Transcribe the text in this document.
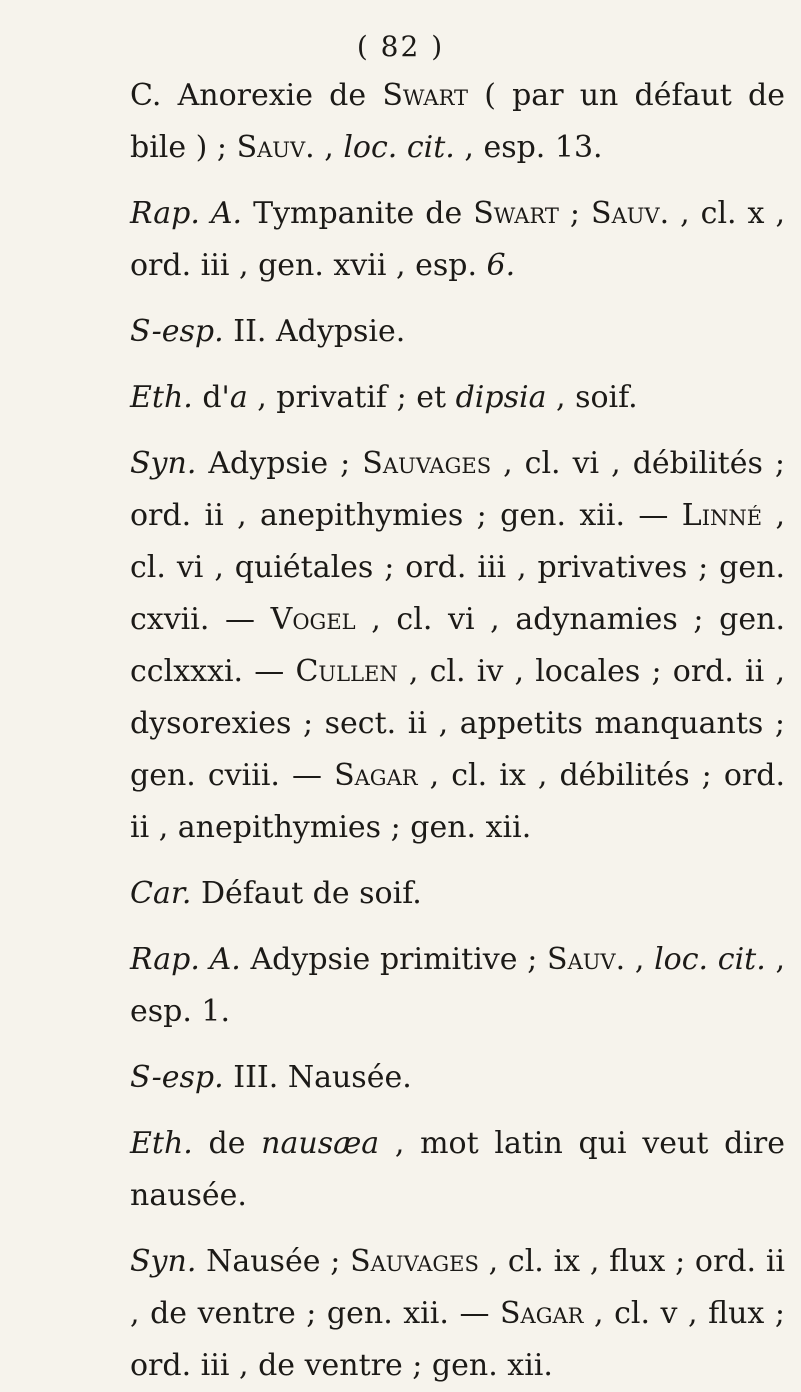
( 82 )

C. Anorexie de Swart ( par un défaut de bile ) ; Sauv. , loc. cit. , esp. 13.

Rap. A. Tympanite de Swart ; Sauv. , cl. x , ord. iii , gen. xvii , esp. 6.

S-esp. II. Adypsie.

Eth. d'a , privatif ; et dipsia , soif.

Syn. Adypsie ; Sauvages , cl. vi , débilités ; ord. ii , anepithymies ; gen. xii. — Linné , cl. vi , quiétales ; ord. iii , privatives ; gen. cxvii. — Vogel , cl. vi , adynamies ; gen. cclxxxi. — Cullen , cl. iv , locales ; ord. ii , dysorexies ; sect. ii , appetits manquants ; gen. cviii. — Sagar , cl. ix , débilités ; ord. ii , anepithymies ; gen. xii.

Car. Défaut de soif.

Rap. A. Adypsie primitive ; Sauv. , loc. cit. , esp. 1.

S-esp. III. Nausée.

Eth. de nausæa , mot latin qui veut dire nausée.

Syn. Nausée ; Sauvages , cl. ix , flux ; ord. ii , de ventre ; gen. xii. — Sagar , cl. v , flux ; ord. iii , de ventre ; gen. xii.
